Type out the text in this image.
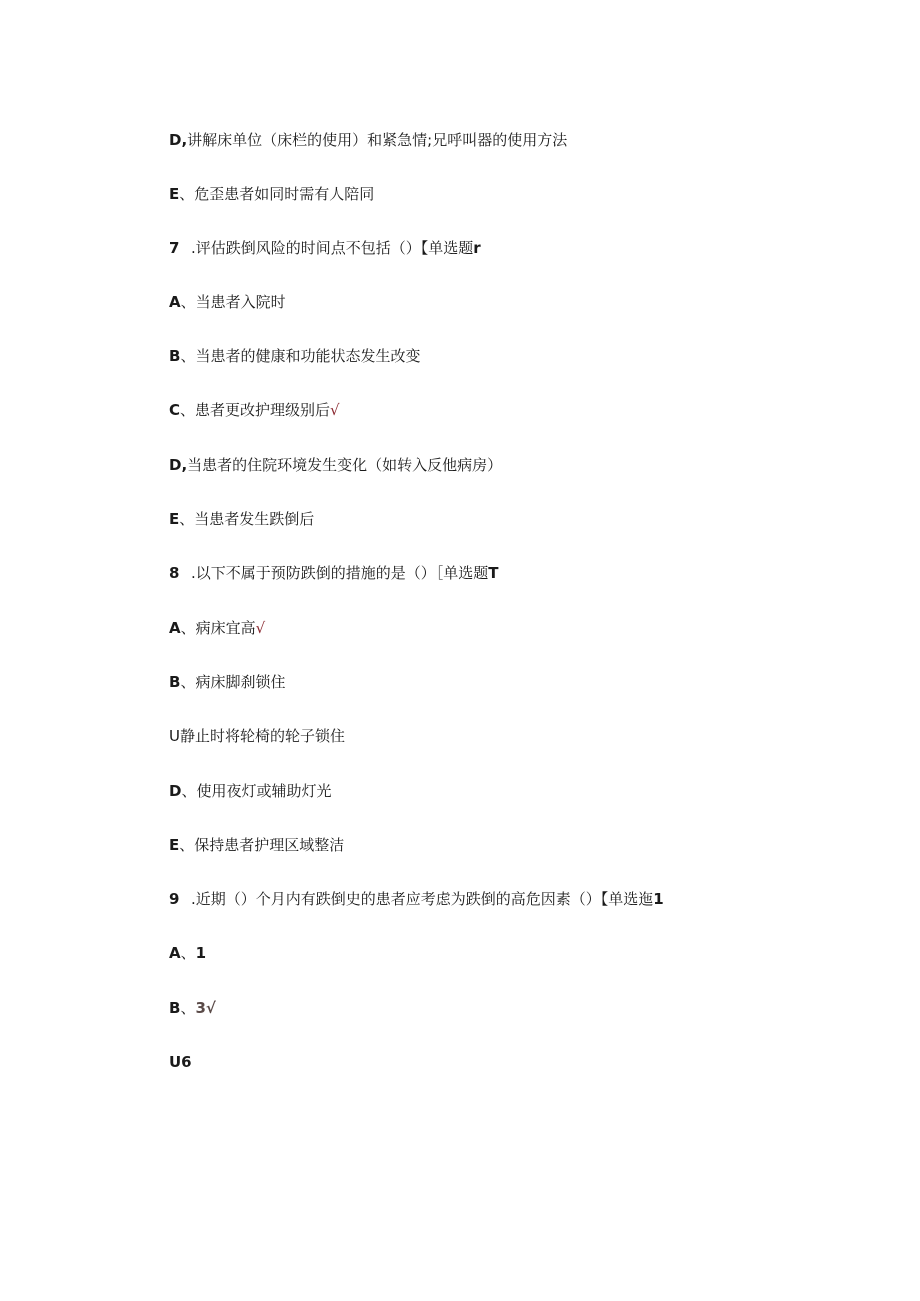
D,讲解床单位（床栏的使用）和紧急情;兄呼叫器的使用方法
E、危歪患者如同时需有人陪同
7 .评估跌倒风险的时间点不包括（）【单选题r
A、当患者入院时
B、当患者的健康和功能状态发生改变
C、患者更改护理级别后√
D,当患者的住院环境发生变化（如转入反他病房）
E、当患者发生跌倒后
8 .以下不属于预防跌倒的措施的是（）［单选题T
A、病床宜高√
B、病床脚刹锁住
U静止时将轮椅的轮子锁住
D、使用夜灯或辅助灯光
E、保持患者护理区域整洁
9 .近期（）个月内有跌倒史的患者应考虑为跌倒的高危因素（）【单选迤1
A、1
B、3√
U6
